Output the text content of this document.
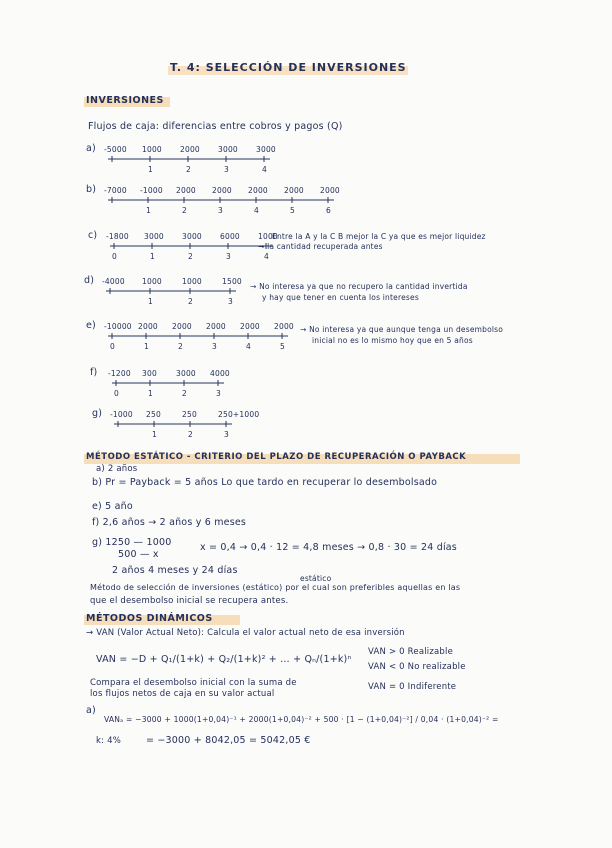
T. 4: SELECCIÓN DE INVERSIONES
INVERSIONES
Flujos de caja: diferencias entre cobros y pagos (Q)
a) -5000 1000 2000 3000 3000
1	2	3	4
b) -7000 -1000 2000 2000 2000 2000 2000
1	2	3	4	5	6
c) -1800 3000 3000 6000 1000
0	1	2	3	4
d) -4000 1000	1000	1500
1	2	3
e) -10000 2000 2000 2000 2000 2000
0	1	2	3	4	5
f) -1200 300	3000 4000
0	1	2	3
g) -1000 250	250	250+1000
1	2	3
Entre la A y la C B mejor la C ya que es mejor liquidez
→ la cantidad recuperada antes
→ No interesa ya que no recupero la cantidad invertida
y hay que tener en cuenta los intereses
→ No interesa ya que aunque tenga un desembolso
inicial no es lo mismo hoy que en 5 años
MÉTODO ESTÁTICO - CRITERIO DEL PLAZO DE RECUPERACIÓN O PAYBACK
a) 2 años
b) Pr = Payback = 5 años Lo que tardo en recuperar lo desembolsado
e) 5 año
f) 2,6 años → 2 años y 6 meses
g) 1250 — 1000
500 — x
x = 0,4 → 0,4 · 12 = 4,8 meses → 0,8 · 30 = 24 días
2 años 4 meses y 24 días
estático
Método de selección de inversiones (estático) por el cual son preferibles aquellas en las
que el desembolso inicial se recupera antes.
MÉTODOS DINÁMICOS
→ VAN (Valor Actual Neto): Calcula el valor actual neto de esa inversión
VAN = −D + Q₁/(1+k) + Q₂/(1+k)² + … + Qₙ/(1+k)ⁿ
VAN > 0 Realizable
VAN < 0 No realizable
VAN = 0 Indiferente
Compara el desembolso inicial con la suma de
los flujos netos de caja en su valor actual
a)
VANₐ = −3000 + 1000(1+0,04)⁻¹ + 2000(1+0,04)⁻² + 500 · [1 − (1+0,04)⁻²] / 0,04 · (1+0,04)⁻² =
k: 4%	= −3000 + 8042,05 = 5042,05 €
